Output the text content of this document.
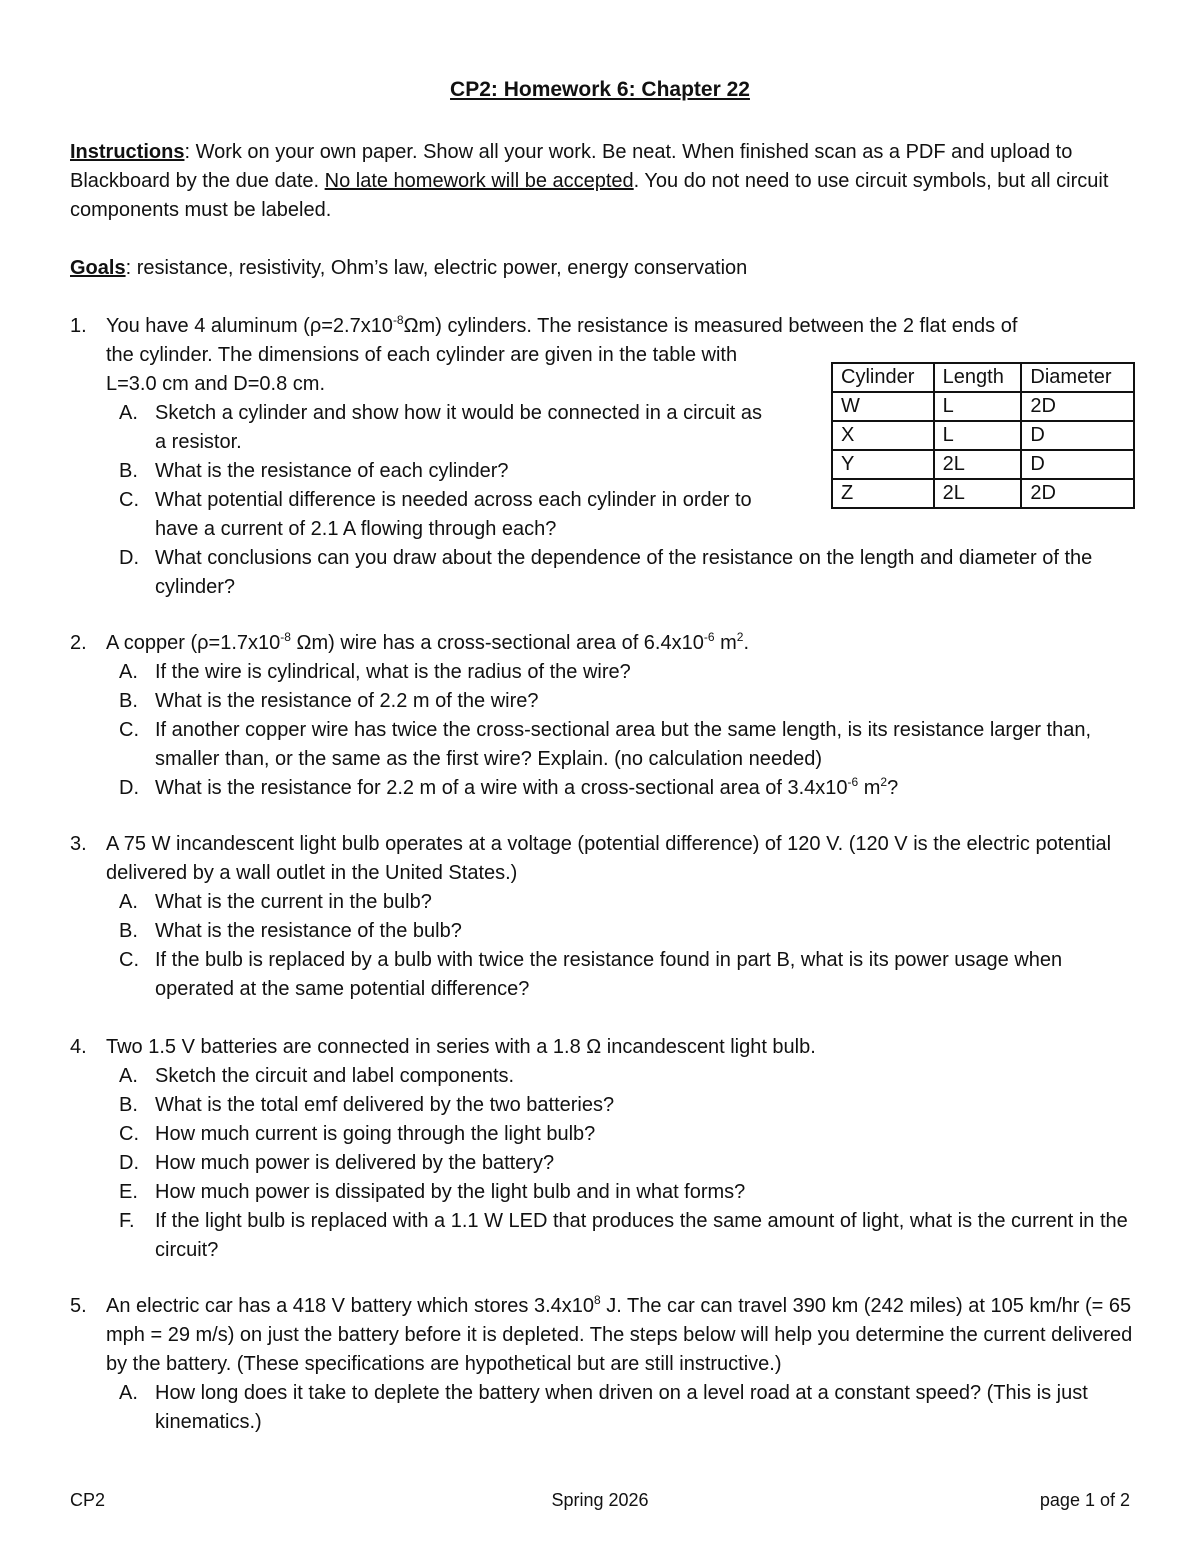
CP2: Homework 6: Chapter 22
Instructions: Work on your own paper. Show all your work. Be neat. When finished scan as a PDF and upload to Blackboard by the due date. No late homework will be accepted. You do not need to use circuit symbols, but all circuit components must be labeled.
Goals: resistance, resistivity, Ohm’s law, electric power, energy conservation
1. You have 4 aluminum $(\rho=2.7x10^{-8}\Omega m)$ cylinders. The resistance is measured between the 2 flat ends of
the cylinder. The dimensions of each cylinder are given in the table with
L=3.0 cm and D=0.8 cm.
A. Sketch a cylinder and show how it would be connected in a circuit as
a resistor.
B. What is the resistance of each cylinder?
C. What potential difference is needed across each cylinder in order to
have a current of 2.1 A flowing through each?
D. What conclusions can you draw about the dependence of the resistance on the length and diameter of the cylinder?
Cylinder	Length	Diameter
W	L	2D
X	L	D
Y	2L	D
Z	2L	2D
2. A copper ($\rho=1.7x10^{-8}$ Ωm) wire has a cross-sectional area of $6.4x10^{-6}$ $m^2$.
A. If the wire is cylindrical, what is the radius of the wire?
B. What is the resistance of 2.2 m of the wire?
C. If another copper wire has twice the cross-sectional area but the same length, is its resistance larger than, smaller than, or the same as the first wire? Explain. (no calculation needed)
D. What is the resistance for 2.2 m of a wire with a cross-sectional area of $3.4x10^{-6}$ $m^2$?
3. A 75 W incandescent light bulb operates at a voltage (potential difference) of 120 V. (120 V is the electric potential delivered by a wall outlet in the United States.)
A. What is the current in the bulb?
B. What is the resistance of the bulb?
C. If the bulb is replaced by a bulb with twice the resistance found in part B, what is its power usage when operated at the same potential difference?
4. Two 1.5 V batteries are connected in series with a 1.8 Ω incandescent light bulb.
A. Sketch the circuit and label components.
B. What is the total emf delivered by the two batteries?
C. How much current is going through the light bulb?
D. How much power is delivered by the battery?
E. How much power is dissipated by the light bulb and in what forms?
F. If the light bulb is replaced with a 1.1 W LED that produces the same amount of light, what is the current in the circuit?
5. An electric car has a 418 V battery which stores $3.4x10^8$ J. The car can travel 390 km (242 miles) at 105 km/hr (= 65 mph = 29 m/s) on just the battery before it is depleted. The steps below will help you determine the current delivered by the battery. (These specifications are hypothetical but are still instructive.)
A. How long does it take to deplete the battery when driven on a level road at a constant speed? (This is just kinematics.)
CP2	Spring 2026	page 1 of 2
